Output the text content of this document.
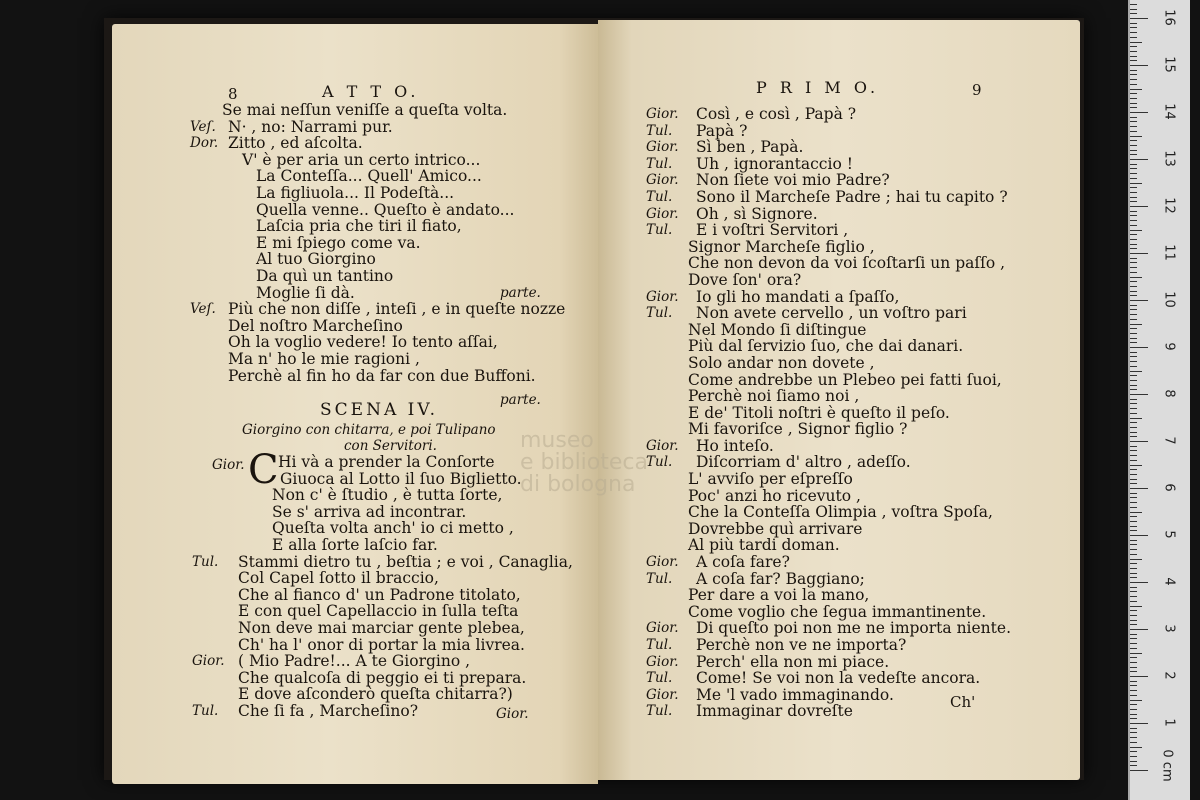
8	A T T O.
Se mai neſſun veniſſe a queſta volta.
Veſ. N· , no: Narrami pur.
Dor. Zitto , ed aſcolta.
V' è per aria un certo intrico...
La Conteſſa... Quell' Amico...
La figliuola... Il Podeſtà...
Quella venne.. Queſto è andato...
Laſcia pria che tiri il fiato,
E mi ſpiego come va.
Al tuo Giorgino
Da quì un tantino
Moglie ſi dà.	parte.
Veſ. Più che non diſſe , inteſi , e in queſte nozze
Del noſtro Marcheſino
Oh la voglio vedere! Io tento aſſai,
Ma n' ho le mie ragioni ,
Perchè al fin ho da far con due Buffoni.
parte.
SCENA IV.
Giorgino con chitarra, e poi Tulipano
con Servitori.
Gior. C Hi và a prender la Conſorte
Giuoca al Lotto il ſuo Biglietto.
Non c' è ſtudio , è tutta ſorte,
Se s' arriva ad incontrar.
Queſta volta anch' io ci metto ,
E alla ſorte laſcio far.
Tul. Stammi dietro tu , beſtia ; e voi , Canaglia,
Col Capel ſotto il braccio,
Che al fianco d' un Padrone titolato,
E con quel Capellaccio in ſulla teſta
Non deve mai marciar gente plebea,
Ch' ha l' onor di portar la mia livrea.
Gior. ( Mio Padre!... A te Giorgino ,
Che qualcoſa di peggio ei ti prepara.
E dove aſconderò queſta chitarra?)
Tul. Che ſi fa , Marcheſino?	Gior.
P R I M O.	9
Gior. Così , e così , Papà ?
Tul. Papà ?
Gior. Sì ben , Papà.
Tul. Uh , ignorantaccio !
Gior. Non ſiete voi mio Padre?
Tul. Sono il Marcheſe Padre ; hai tu capito ?
Gior. Oh , sì Signore.
Tul. E i voſtri Servitori ,
Signor Marcheſe figlio ,
Che non devon da voi ſcoſtarſi un paſſo ,
Dove ſon' ora?
Gior. Io gli ho mandati a ſpaſſo,
Tul. Non avete cervello , un voſtro pari
Nel Mondo ſi diſtingue
Più dal ſervizio ſuo, che dai danari.
Solo andar non dovete ,
Come andrebbe un Plebeo pei fatti ſuoi,
Perchè noi ſiamo noi ,
E de' Titoli noſtri è queſto il peſo.
Mi favoriſce , Signor figlio ?
Gior. Ho inteſo.
Tul. Diſcorriam d' altro , adeſſo.
L' avviſo per eſpreſſo
Poc' anzi ho ricevuto ,
Che la Conteſſa Olimpia , voſtra Spoſa,
Dovrebbe quì arrivare
Al più tardi doman.
Gior. A coſa fare?
Tul. A coſa far? Baggiano;
Per dare a voi la mano,
Come voglio che ſegua immantinente.
Gior. Di queſto poi non me ne importa niente.
Tul. Perchè non ve ne importa?
Gior. Perch' ella non mi piace.
Tul. Come! Se voi non la vedeſte ancora.
Gior. Me 'l vado immaginando.
Tul. Immaginar dovreſte
Ch'
museo
e biblioteca
di bologna
0 cm
1
2
3
4
5
6
7
8
9
10
11
12
13
14
15
16
